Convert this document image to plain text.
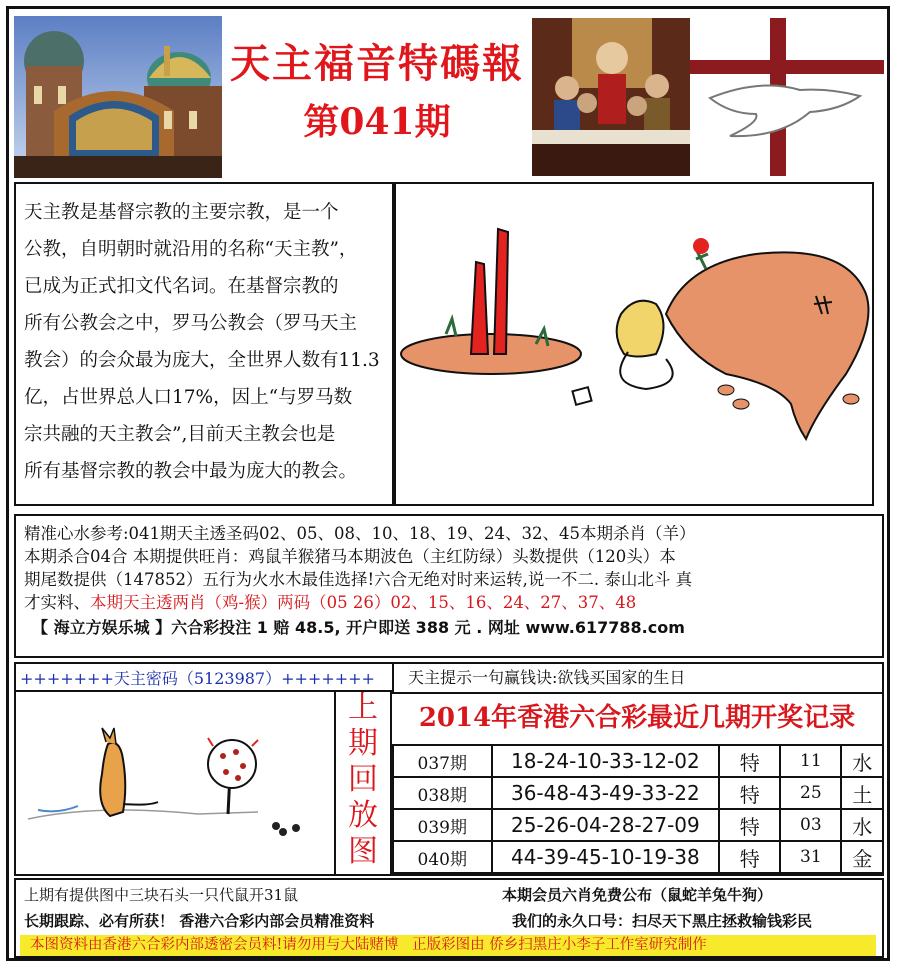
天主福音特碼報
第041期
天主教是基督宗教的主要宗教，是一个
公教，自明朝时就沿用的名称“天主教”，
已成为正式扣文代名词。在基督宗教的
所有公教会之中，罗马公教会（罗马天主
教会）的会众最为庞大，全世界人数有11.3
亿，占世界总人口17%，因上“与罗马数
宗共融的天主教会”,目前天主教会也是
所有基督宗教的教会中最为庞大的教会。
精准心水参考:041期天主透圣码02、05、08、10、18、19、24、32、45本期杀肖（羊）
本期杀合04合 本期提供旺肖：鸡鼠羊猴猪马本期波色（主红防绿）头数提供（120头）本
期尾数提供（147852）五行为火水木最佳选择!六合无绝对时来运转,说一不二. 泰山北斗 真
才实料、本期天主透两肖（鸡-猴）两码（05 26）02、15、16、24、27、37、48
【 海立方娱乐城 】六合彩投注 1 赔 48.5, 开户即送 388 元 . 网址 www.617788.com
+++++++天主密码（5123987）+++++++
上
期
回
放
图
天主提示一句赢钱诀:欲钱买国家的生日
2014年香港六合彩最近几期开奖记录
037期	18-24-10-33-12-02	特	11	水
038期	36-48-43-49-33-22	特	25	土
039期	25-26-04-28-27-09	特	03	水
040期	44-39-45-10-19-38	特	31	金
上期有提供图中三块石头一只代鼠开31鼠	本期会员六肖免费公布（鼠蛇羊兔牛狗）
长期跟踪、必有所获！ 香港六合彩内部会员精准资料	我们的永久口号：扫尽天下黑庄拯救输钱彩民
本图资料由香港六合彩内部透密会员料!请勿用与大陆赌博   正版彩图由 侨乡扫黑庄小李子工作室研究制作
